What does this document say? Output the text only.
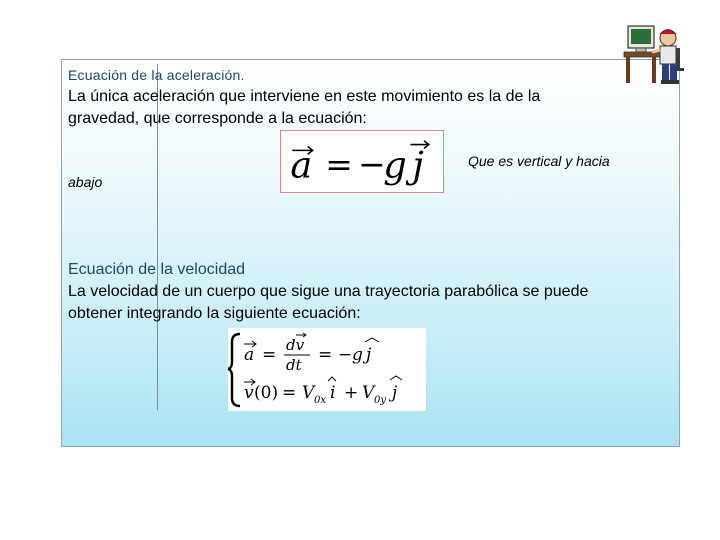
Ecuación de la aceleración.
La única aceleración que interviene en este movimiento es la de la
gravedad, que corresponde a la ecuación:
a = −
g j	Que es vertical y hacia
abajo
Ecuación de la velocidad
La velocidad de un cuerpo que sigue una trayectoria parabólica se puede
obtener integrando la siguiente ecuación:
a = dv
dt = − g j
v (0) = V 0x i + V 0y j
